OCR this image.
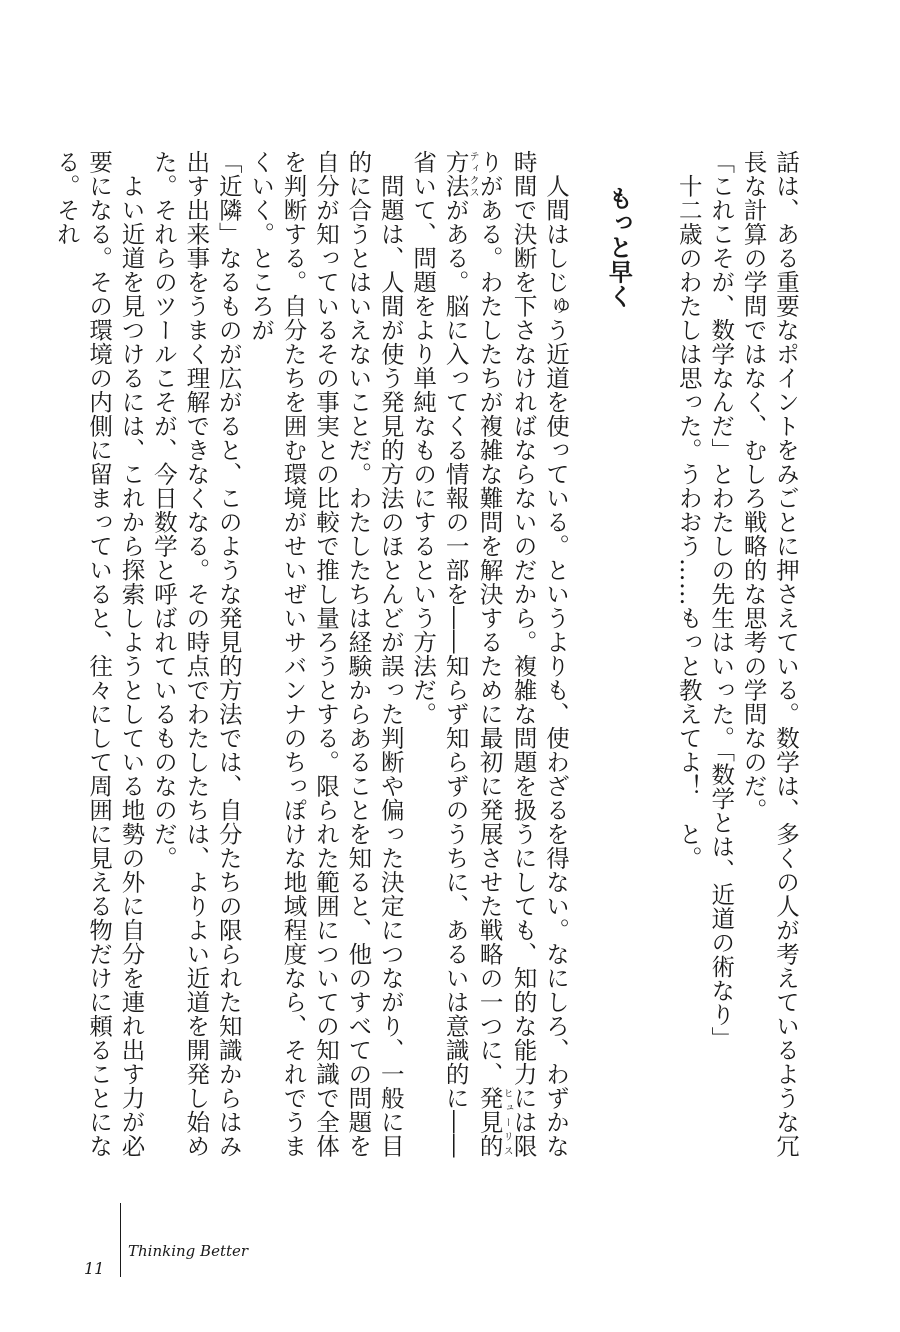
話は、ある重要なポイントをみごとに押さえている。数学は、多くの人が考えているような冗長な計算の学問ではなく、むしろ戦略的な思考の学問なのだ。

「これこそが、数学なんだ」とわたしの先生はいった。「数学とは、近道の術なり」

十二歳のわたしは思った。うわおう……もっと教えてよ！　と。

もっと早く

人間はしじゅう近道を使っている。というよりも、使わざるを得ない。なにしろ、わずかな時間で決断を下さなければならないのだから。複雑な問題を扱うにしても、知的な能力には限りがある。わたしたちが複雑な難問を解決するために最初に発展させた戦略の一つに、発見的方法ヒューリスティクスがある。脳に入ってくる情報の一部を――知らず知らずのうちに、あるいは意識的に――省いて、問題をより単純なものにするという方法だ。

問題は、人間が使う発見的方法のほとんどが誤った判断や偏った決定につながり、一般に目的に合うとはいえないことだ。わたしたちは経験からあることを知ると、他のすべての問題を自分が知っているその事実との比較で推し量ろうとする。限られた範囲についての知識で全体を判断する。自分たちを囲む環境がせいぜいサバンナのちっぽけな地域程度なら、それでうまくいく。ところが

「近隣」なるものが広がると、このような発見的方法では、自分たちの限られた知識からはみ出す出来事をうまく理解できなくなる。その時点でわたしたちは、よりよい近道を開発し始めた。それらのツールこそが、今日数学と呼ばれているものなのだ。

よい近道を見つけるには、これから探索しようとしている地勢の外に自分を連れ出す力が必要になる。その環境の内側に留まっていると、往々にして周囲に見える物だけに頼ることになる。それ

11
Thinking Better
